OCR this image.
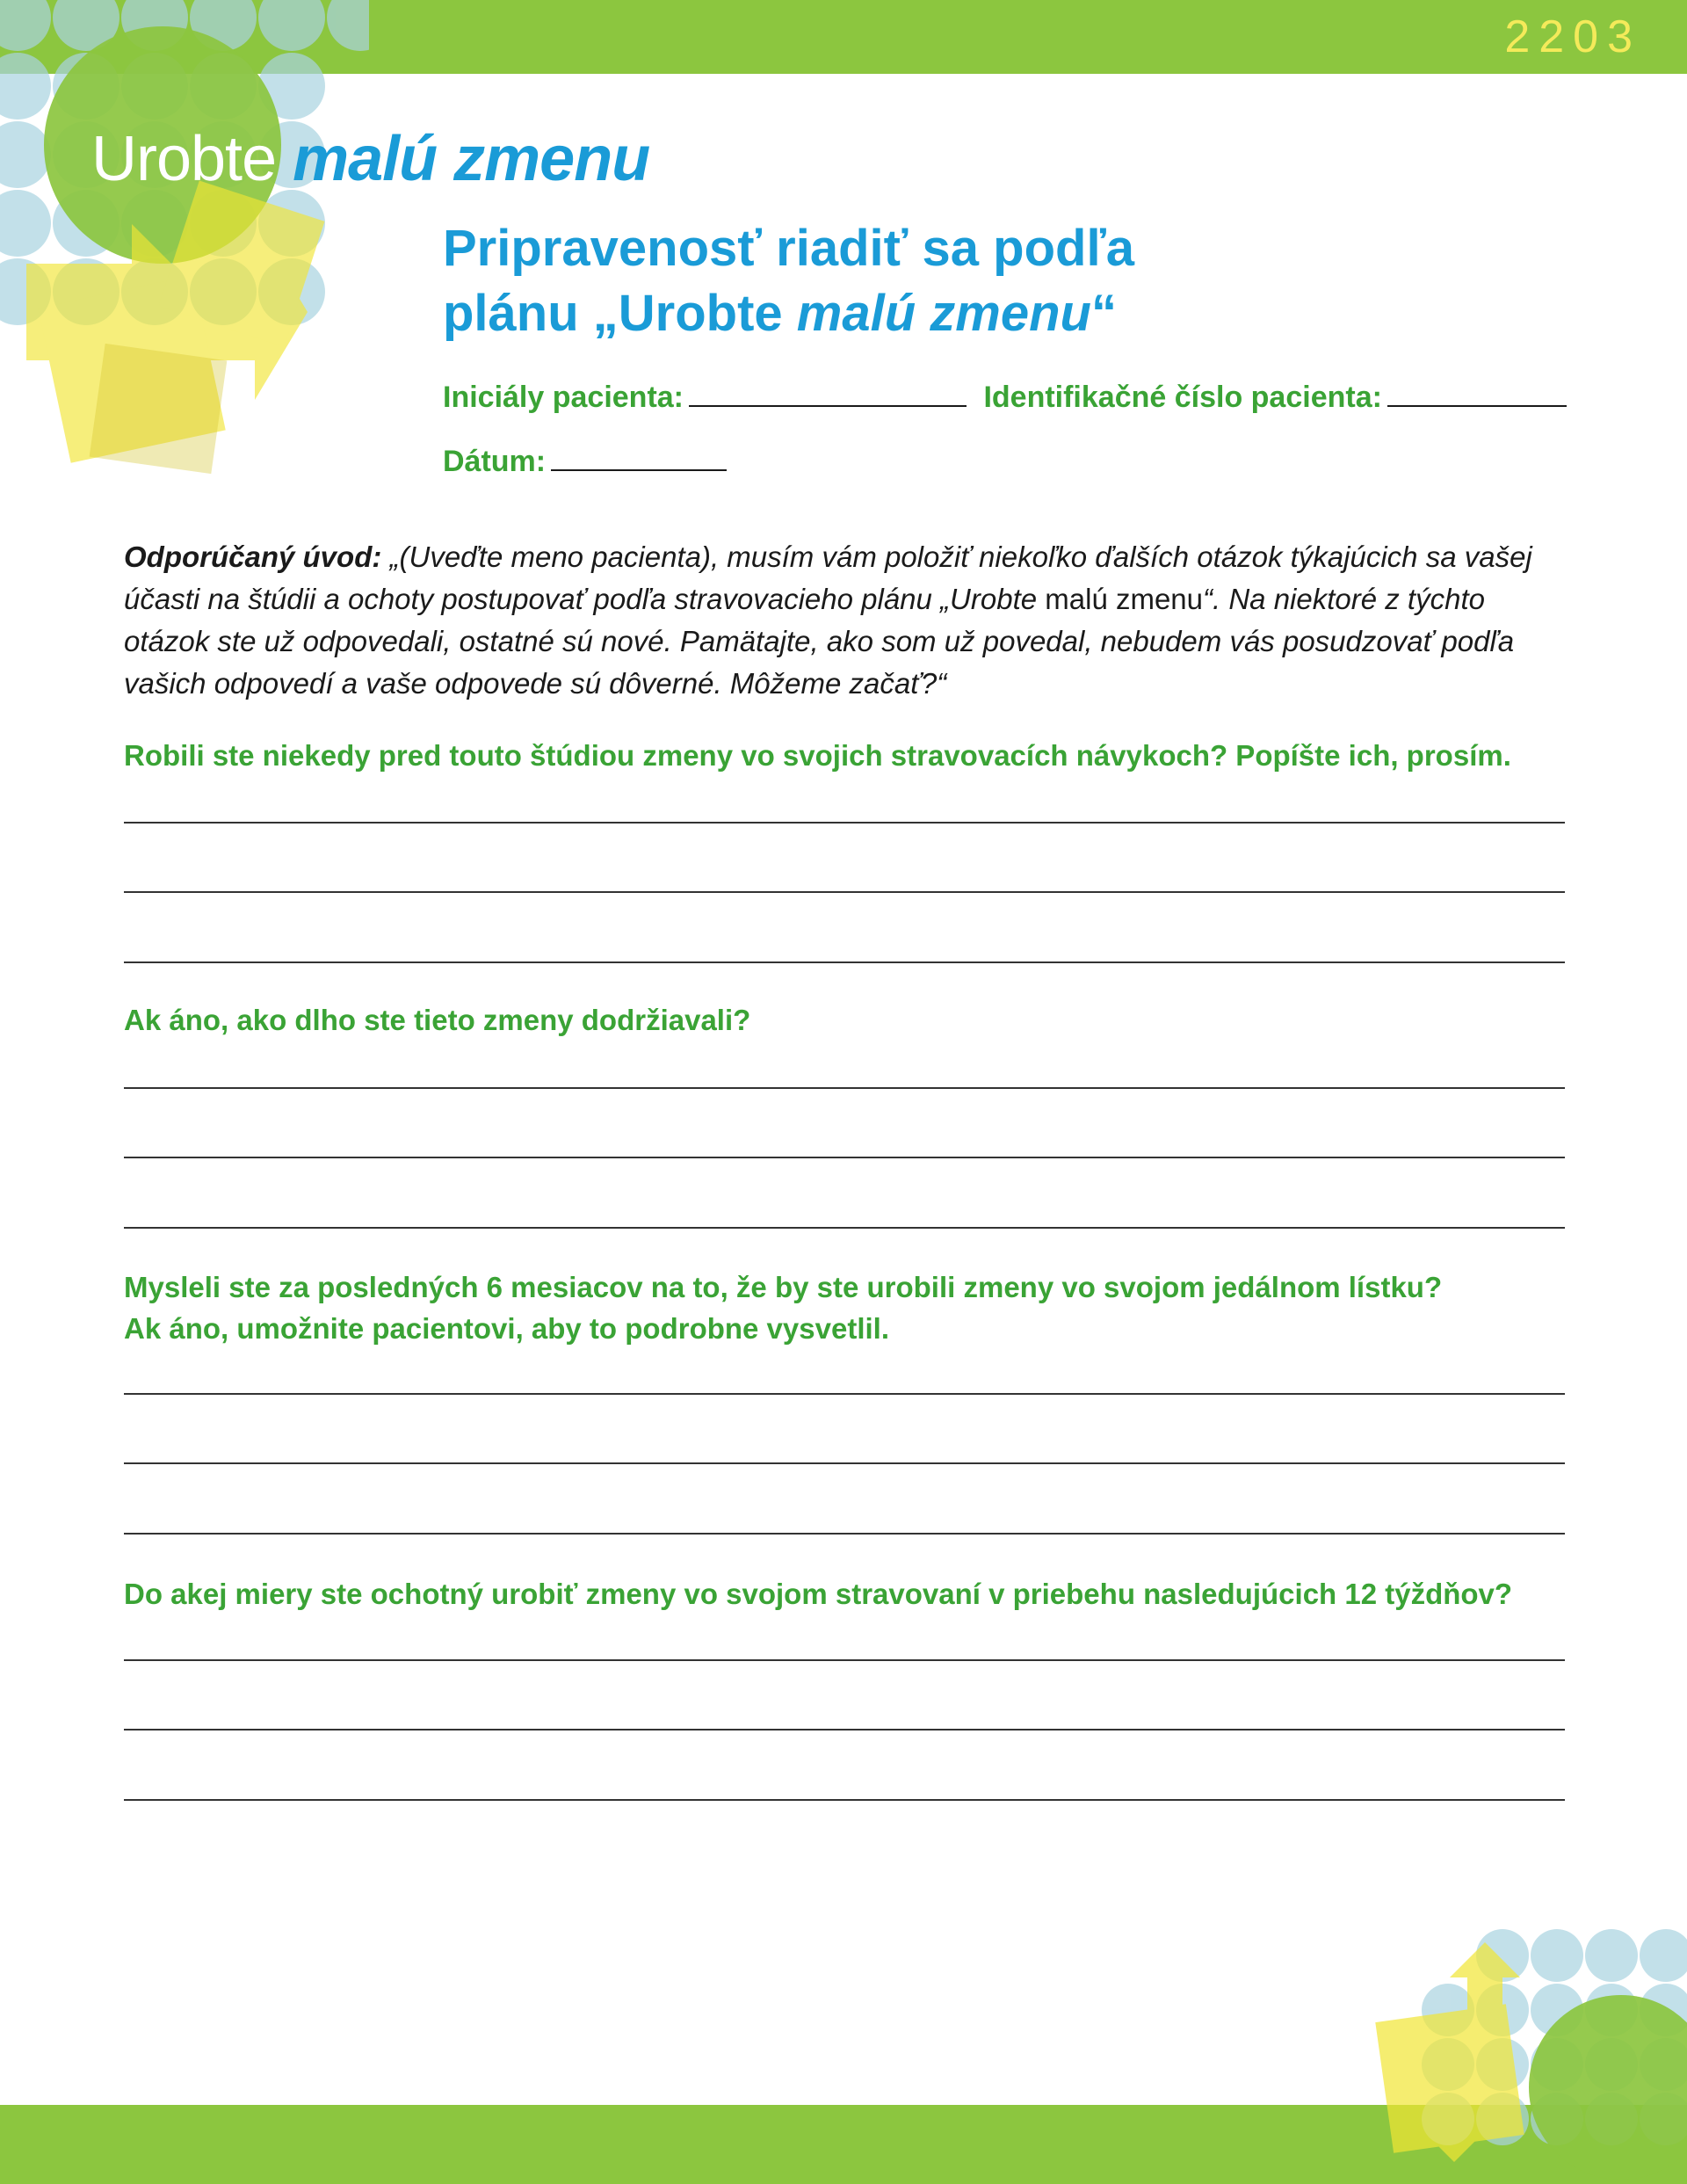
2203
Urobte malú zmenu
Pripravenosť riadiť sa podľa
plánu „Urobte malú zmenu“
Iniciály pacienta:	Identifikačné číslo pacienta:
Dátum:

Odporúčaný úvod: „(Uveďte meno pacienta), musím vám položiť niekoľko ďalších otázok týkajúcich sa vašej účasti na štúdii a ochoty postupovať podľa stravovacieho plánu „Urobte malú zmenu“. Na niektoré z týchto otázok ste už odpovedali, ostatné sú nové. Pamätajte, ako som už povedal, nebudem vás posudzovať podľa vašich odpovedí a vaše odpovede sú dôverné. Môžeme začať?“

Robili ste niekedy pred touto štúdiou zmeny vo svojich stravovacích návykoch? Popíšte ich, prosím.

Ak áno, ako dlho ste tieto zmeny dodržiavali?

Mysleli ste za posledných 6 mesiacov na to, že by ste urobili zmeny vo svojom jedálnom lístku?
Ak áno, umožnite pacientovi, aby to podrobne vysvetlil.

Do akej miery ste ochotný urobiť zmeny vo svojom stravovaní v priebehu nasledujúcich 12 týždňov?
